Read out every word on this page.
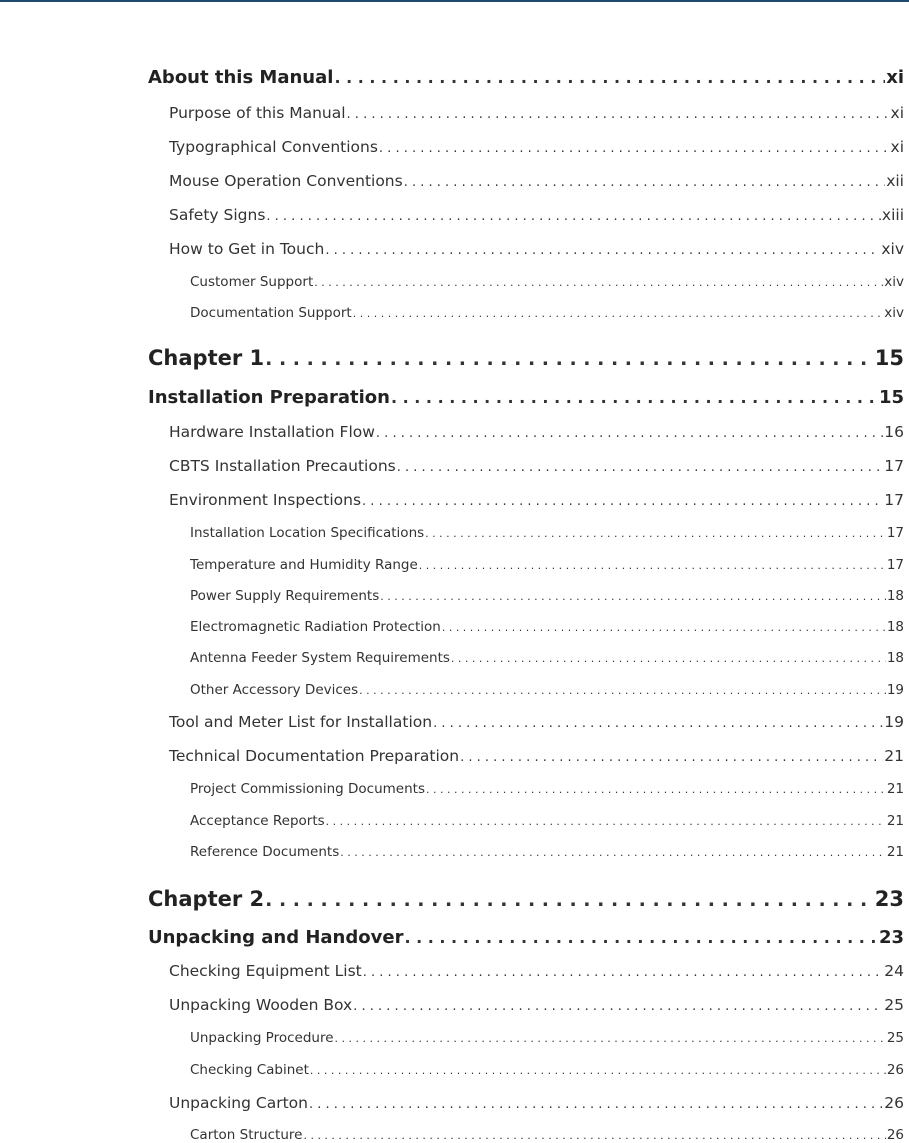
About this Manual . . .	xi
Purpose of this Manual . . .	xi
Typographical Conventions . . .	xi
Mouse Operation Conventions . . .	xii
Safety Signs . . .	xiii
How to Get in Touch . . .	xiv
Customer Support . . .	xiv
Documentation Support . . .	xiv
Chapter 1 . . .	15
Installation Preparation . . .	15
Hardware Installation Flow . . .	16
CBTS Installation Precautions . . .	17
Environment Inspections . . .	17
Installation Location Specifications . . .	17
Temperature and Humidity Range . . .	17
Power Supply Requirements . . .	18
Electromagnetic Radiation Protection . . .	18
Antenna Feeder System Requirements . . .	18
Other Accessory Devices . . .	19
Tool and Meter List for Installation . . .	19
Technical Documentation Preparation . . .	21
Project Commissioning Documents . . .	21
Acceptance Reports . . .	21
Reference Documents . . .	21
Chapter 2 . . .	23
Unpacking and Handover . . .	23
Checking Equipment List . . .	24
Unpacking Wooden Box . . .	25
Unpacking Procedure . . .	25
Checking Cabinet . . .	26
Unpacking Carton . . .	26
Carton Structure . . .	26
